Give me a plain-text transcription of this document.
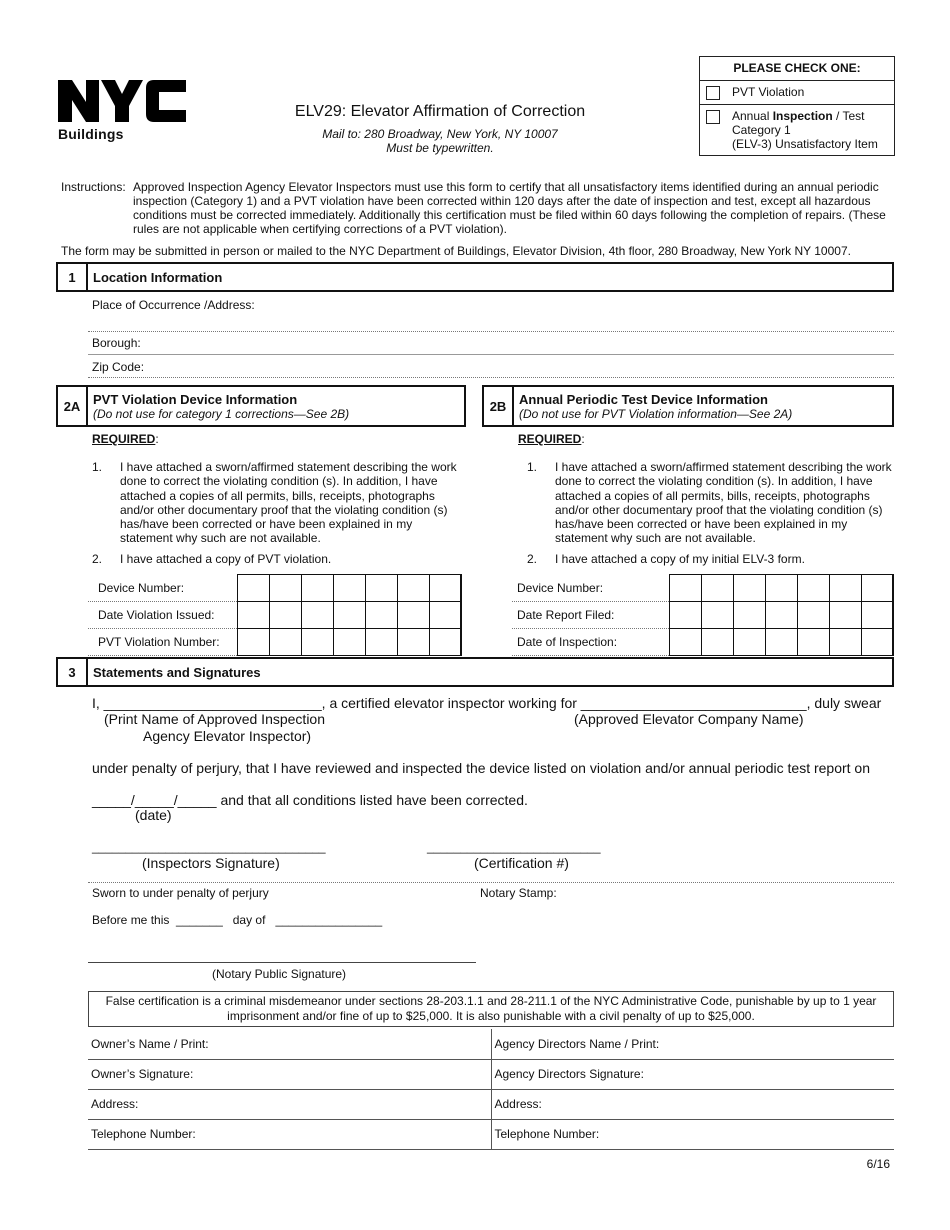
Buildings
ELV29: Elevator Affirmation of Correction
Mail to: 280 Broadway, New York, NY 10007
Must be typewritten.
PLEASE CHECK ONE:
PVT Violation
Annual Inspection / Test
Category 1
(ELV-3) Unsatisfactory Item
Instructions: Approved Inspection Agency Elevator Inspectors must use this form to certify that all unsatisfactory items identified during an annual periodic inspection (Category 1) and a PVT violation have been corrected within 120 days after the date of inspection and test, except all hazardous conditions must be corrected immediately. Additionally this certification must be filed within 60 days following the completion of repairs. (These rules are not applicable when certifying corrections of a PVT violation).
The form may be submitted in person or mailed to the NYC Department of Buildings, Elevator Division, 4th floor, 280 Broadway, New York NY 10007.
1	Location Information
Place of Occurrence /Address:
Borough:
Zip Code:
2A PVT Violation Device Information
(Do not use for category 1 corrections—See 2B)
REQUIRED:
1.	I have attached a sworn/affirmed statement describing the work done to correct the violating condition (s). In addition, I have attached a copies of all permits, bills, receipts, photographs and/or other documentary proof that the violating condition (s) has/have been corrected or have been explained in my statement why such are not available.
2.	I have attached a copy of PVT violation.
Device Number:							
Date Violation Issued:							
PVT Violation Number:							
2B Annual Periodic Test Device Information
(Do not use for PVT Violation information—See 2A)
REQUIRED:
1.	I have attached a sworn/affirmed statement describing the work done to correct the violating condition (s). In addition, I have attached a copies of all permits, bills, receipts, photographs and/or other documentary proof that the violating condition (s) has/have been corrected or have been explained in my statement why such are not available.
2.	I have attached a copy of my initial ELV-3 form.
Device Number:							
Date Report Filed:							
Date of Inspection:							
3	Statements and Signatures
I, ____________________________, a certified elevator inspector working for _____________________________, duly swear
(Print Name of Approved Inspection
Agency Elevator Inspector)
(Approved Elevator Company Name)
under penalty of perjury, that I have reviewed and inspected the device listed on violation and/or annual periodic test report on
_____/_____/_____ and that all conditions listed have been corrected.
(date)
___________________________________	__________________________
(Inspectors Signature)	(Certification #)
Sworn to under penalty of perjury	Notary Stamp:
Before me this  _______   day of   ________________
(Notary Public Signature)
False certification is a criminal misdemeanor under sections 28-203.1.1 and 28-211.1 of the NYC Administrative Code, punishable by up to 1 year imprisonment and/or fine of up to $25,000. It is also punishable with a civil penalty of up to $25,000.
Owner’s Name / Print:	Agency Directors Name / Print:
Owner’s Signature:	Agency Directors Signature:
Address:	Address:
Telephone Number:	Telephone Number:
6/16
